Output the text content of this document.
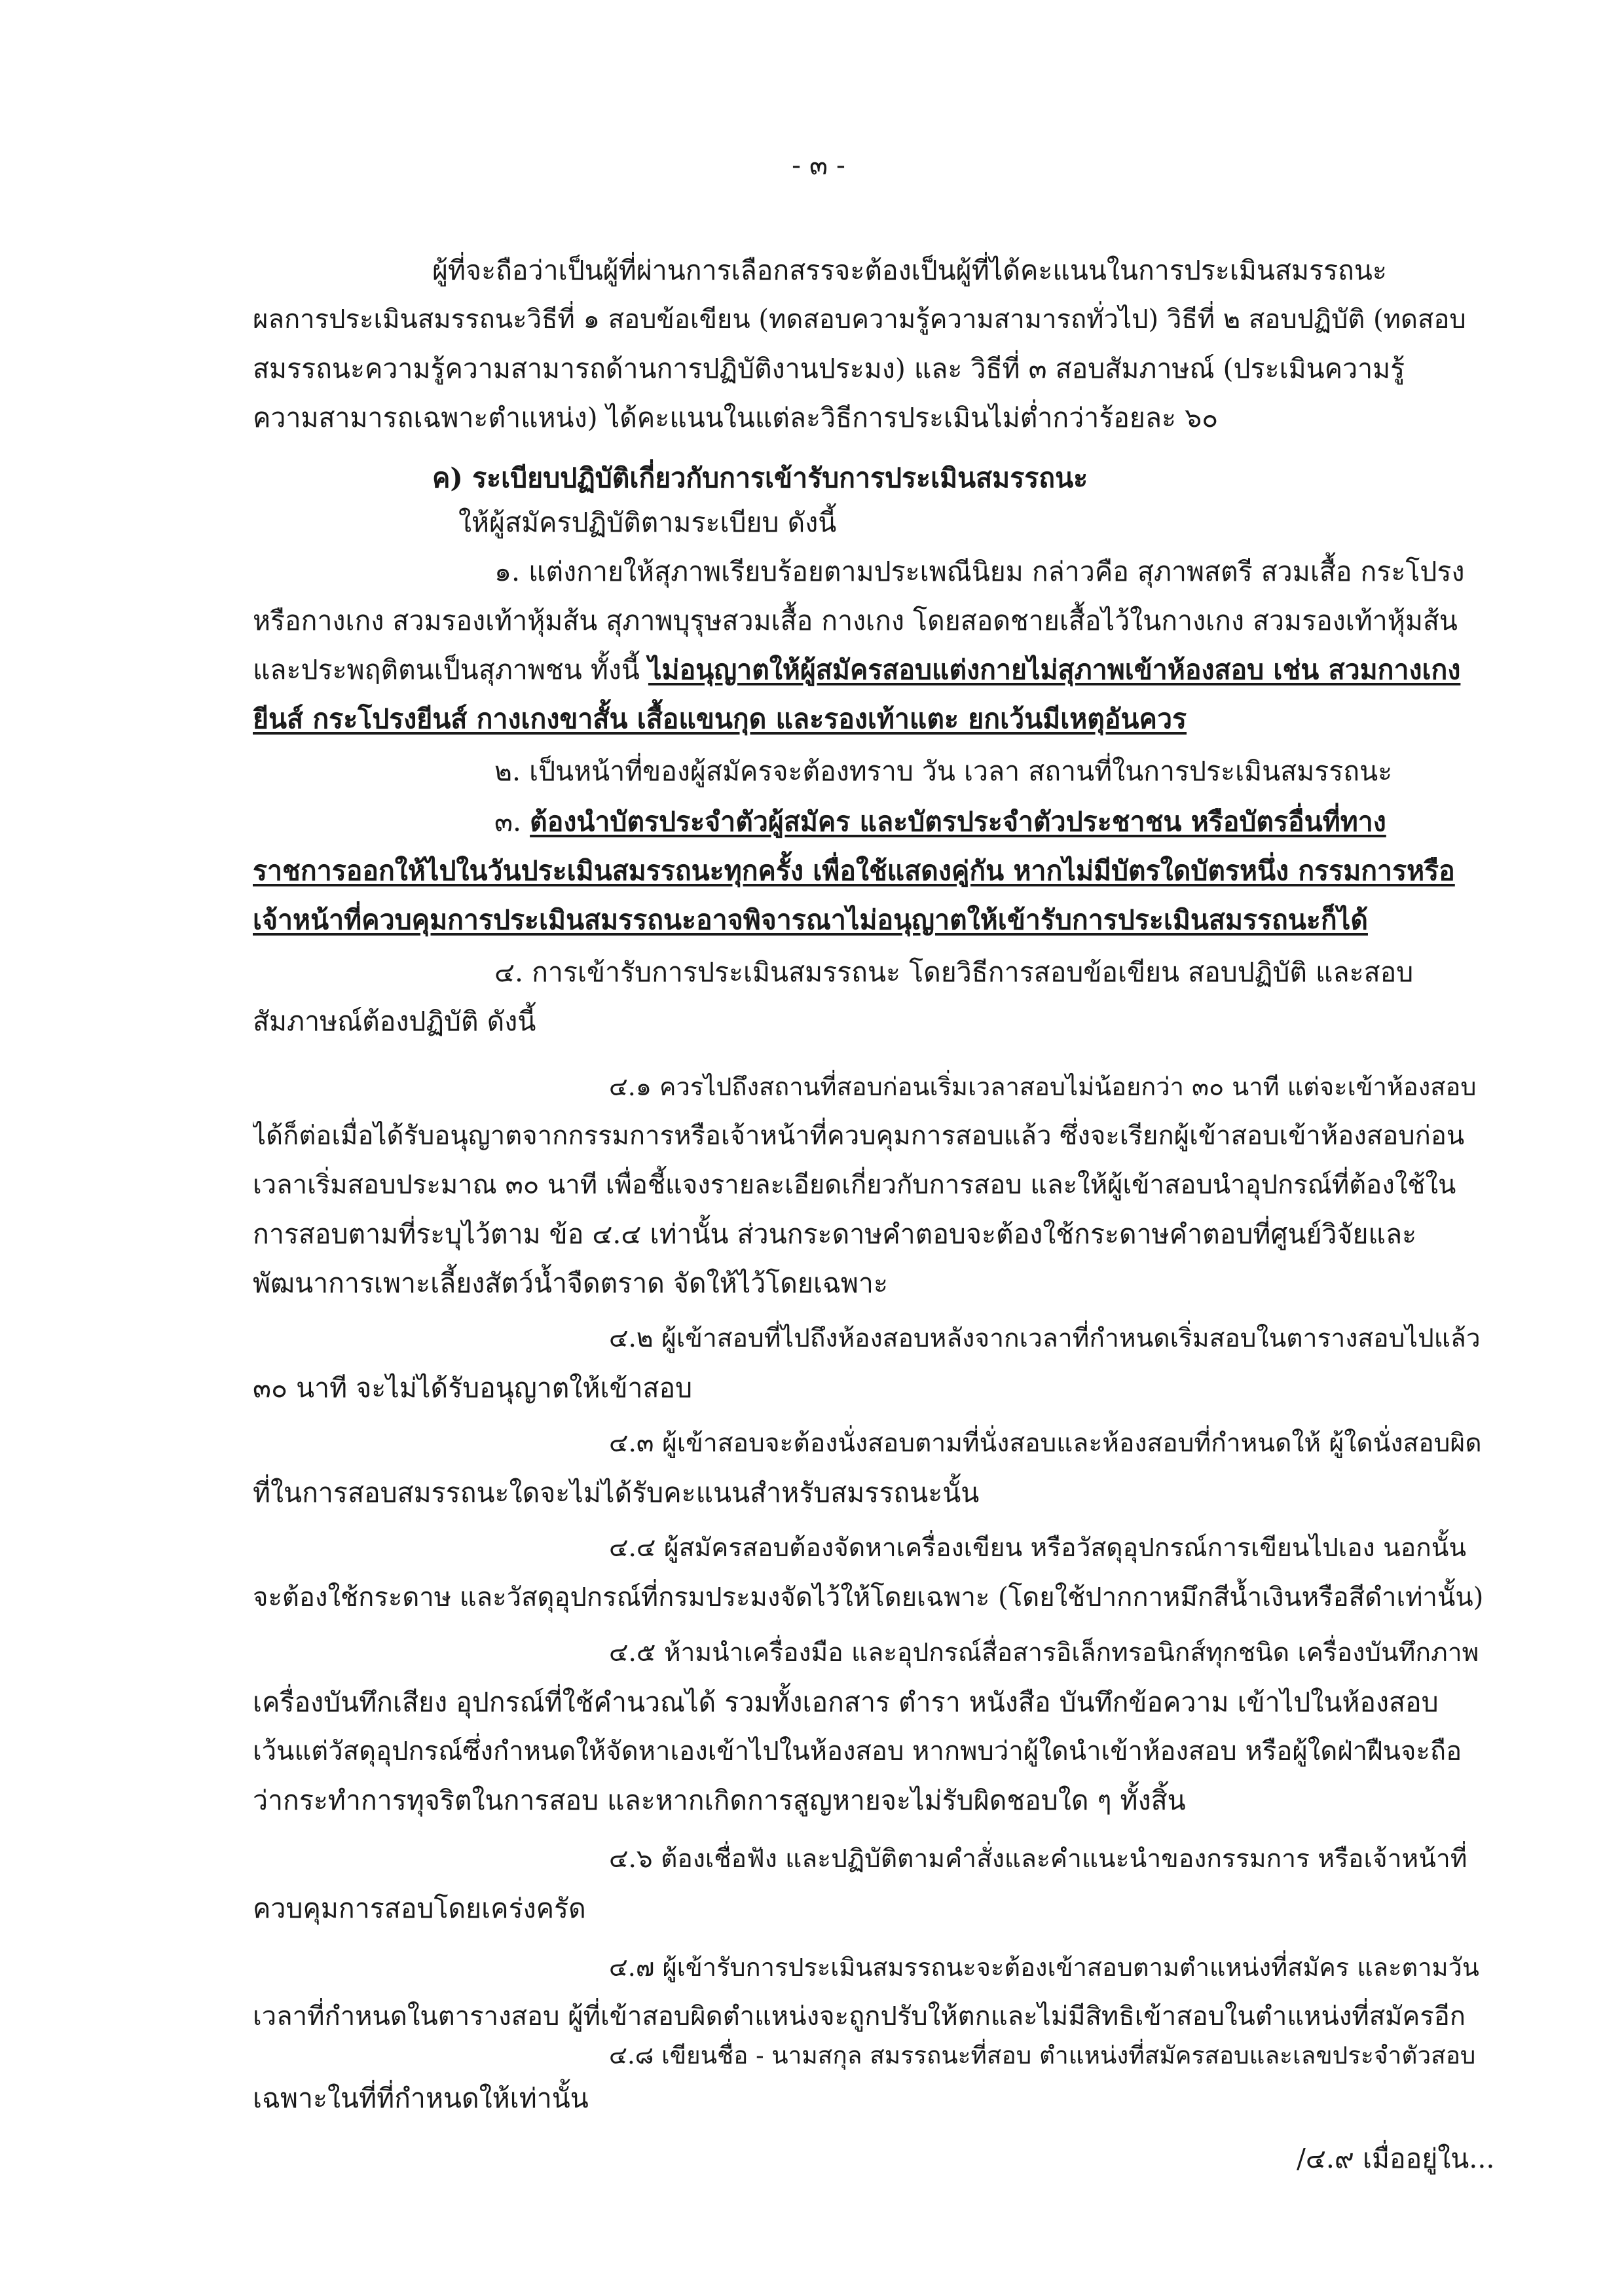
- ๓ -
ผู้ที่จะถือว่าเป็นผู้ที่ผ่านการเลือกสรรจะต้องเป็นผู้ที่ได้คะแนนในการประเมินสมรรถนะ
ผลการประเมินสมรรถนะวิธีที่ ๑ สอบข้อเขียน (ทดสอบความรู้ความสามารถทั่วไป) วิธีที่ ๒ สอบปฏิบัติ (ทดสอบ
สมรรถนะความรู้ความสามารถด้านการปฏิบัติงานประมง) และ วิธีที่ ๓ สอบสัมภาษณ์ (ประเมินความรู้
ความสามารถเฉพาะตำแหน่ง) ได้คะแนนในแต่ละวิธีการประเมินไม่ต่ำกว่าร้อยละ ๖๐
ค) ระเบียบปฏิบัติเกี่ยวกับการเข้ารับการประเมินสมรรถนะ
ให้ผู้สมัครปฏิบัติตามระเบียบ ดังนี้
๑. แต่งกายให้สุภาพเรียบร้อยตามประเพณีนิยม กล่าวคือ สุภาพสตรี สวมเสื้อ กระโปรง
หรือกางเกง สวมรองเท้าหุ้มส้น สุภาพบุรุษสวมเสื้อ กางเกง โดยสอดชายเสื้อไว้ในกางเกง สวมรองเท้าหุ้มส้น
และประพฤติตนเป็นสุภาพชน ทั้งนี้ ไม่อนุญาตให้ผู้สมัครสอบแต่งกายไม่สุภาพเข้าห้องสอบ เช่น สวมกางเกง
ยีนส์ กระโปรงยีนส์ กางเกงขาสั้น เสื้อแขนกุด และรองเท้าแตะ ยกเว้นมีเหตุอันควร
๒. เป็นหน้าที่ของผู้สมัครจะต้องทราบ วัน เวลา สถานที่ในการประเมินสมรรถนะ
๓. ต้องนำบัตรประจำตัวผู้สมัคร และบัตรประจำตัวประชาชน หรือบัตรอื่นที่ทาง
ราชการออกให้ไปในวันประเมินสมรรถนะทุกครั้ง เพื่อใช้แสดงคู่กัน หากไม่มีบัตรใดบัตรหนึ่ง กรรมการหรือ
เจ้าหน้าที่ควบคุมการประเมินสมรรถนะอาจพิจารณาไม่อนุญาตให้เข้ารับการประเมินสมรรถนะก็ได้
๔. การเข้ารับการประเมินสมรรถนะ โดยวิธีการสอบข้อเขียน สอบปฏิบัติ และสอบ
สัมภาษณ์ต้องปฏิบัติ ดังนี้
๔.๑ ควรไปถึงสถานที่สอบก่อนเริ่มเวลาสอบไม่น้อยกว่า ๓๐ นาที แต่จะเข้าห้องสอบ
ได้ก็ต่อเมื่อได้รับอนุญาตจากกรรมการหรือเจ้าหน้าที่ควบคุมการสอบแล้ว ซึ่งจะเรียกผู้เข้าสอบเข้าห้องสอบก่อน
เวลาเริ่มสอบประมาณ ๓๐ นาที เพื่อชี้แจงรายละเอียดเกี่ยวกับการสอบ และให้ผู้เข้าสอบนำอุปกรณ์ที่ต้องใช้ใน
การสอบตามที่ระบุไว้ตาม ข้อ ๔.๔ เท่านั้น ส่วนกระดาษคำตอบจะต้องใช้กระดาษคำตอบที่ศูนย์วิจัยและ
พัฒนาการเพาะเลี้ยงสัตว์น้ำจืดตราด จัดให้ไว้โดยเฉพาะ
๔.๒ ผู้เข้าสอบที่ไปถึงห้องสอบหลังจากเวลาที่กำหนดเริ่มสอบในตารางสอบไปแล้ว
๓๐ นาที จะไม่ได้รับอนุญาตให้เข้าสอบ
๔.๓ ผู้เข้าสอบจะต้องนั่งสอบตามที่นั่งสอบและห้องสอบที่กำหนดให้ ผู้ใดนั่งสอบผิด
ที่ในการสอบสมรรถนะใดจะไม่ได้รับคะแนนสำหรับสมรรถนะนั้น
๔.๔ ผู้สมัครสอบต้องจัดหาเครื่องเขียน หรือวัสดุอุปกรณ์การเขียนไปเอง นอกนั้น
จะต้องใช้กระดาษ และวัสดุอุปกรณ์ที่กรมประมงจัดไว้ให้โดยเฉพาะ (โดยใช้ปากกาหมึกสีน้ำเงินหรือสีดำเท่านั้น)
๔.๕ ห้ามนำเครื่องมือ และอุปกรณ์สื่อสารอิเล็กทรอนิกส์ทุกชนิด เครื่องบันทึกภาพ
เครื่องบันทึกเสียง อุปกรณ์ที่ใช้คำนวณได้ รวมทั้งเอกสาร ตำรา หนังสือ บันทึกข้อความ เข้าไปในห้องสอบ
เว้นแต่วัสดุอุปกรณ์ซึ่งกำหนดให้จัดหาเองเข้าไปในห้องสอบ หากพบว่าผู้ใดนำเข้าห้องสอบ หรือผู้ใดฝ่าฝืนจะถือ
ว่ากระทำการทุจริตในการสอบ และหากเกิดการสูญหายจะไม่รับผิดชอบใด ๆ ทั้งสิ้น
๔.๖ ต้องเชื่อฟัง และปฏิบัติตามคำสั่งและคำแนะนำของกรรมการ หรือเจ้าหน้าที่
ควบคุมการสอบโดยเคร่งครัด
๔.๗ ผู้เข้ารับการประเมินสมรรถนะจะต้องเข้าสอบตามตำแหน่งที่สมัคร และตามวัน
เวลาที่กำหนดในตารางสอบ ผู้ที่เข้าสอบผิดตำแหน่งจะถูกปรับให้ตกและไม่มีสิทธิเข้าสอบในตำแหน่งที่สมัครอีก
๔.๘ เขียนชื่อ - นามสกุล สมรรถนะที่สอบ ตำแหน่งที่สมัครสอบและเลขประจำตัวสอบ
เฉพาะในที่ที่กำหนดให้เท่านั้น
/๔.๙ เมื่ออยู่ใน...
